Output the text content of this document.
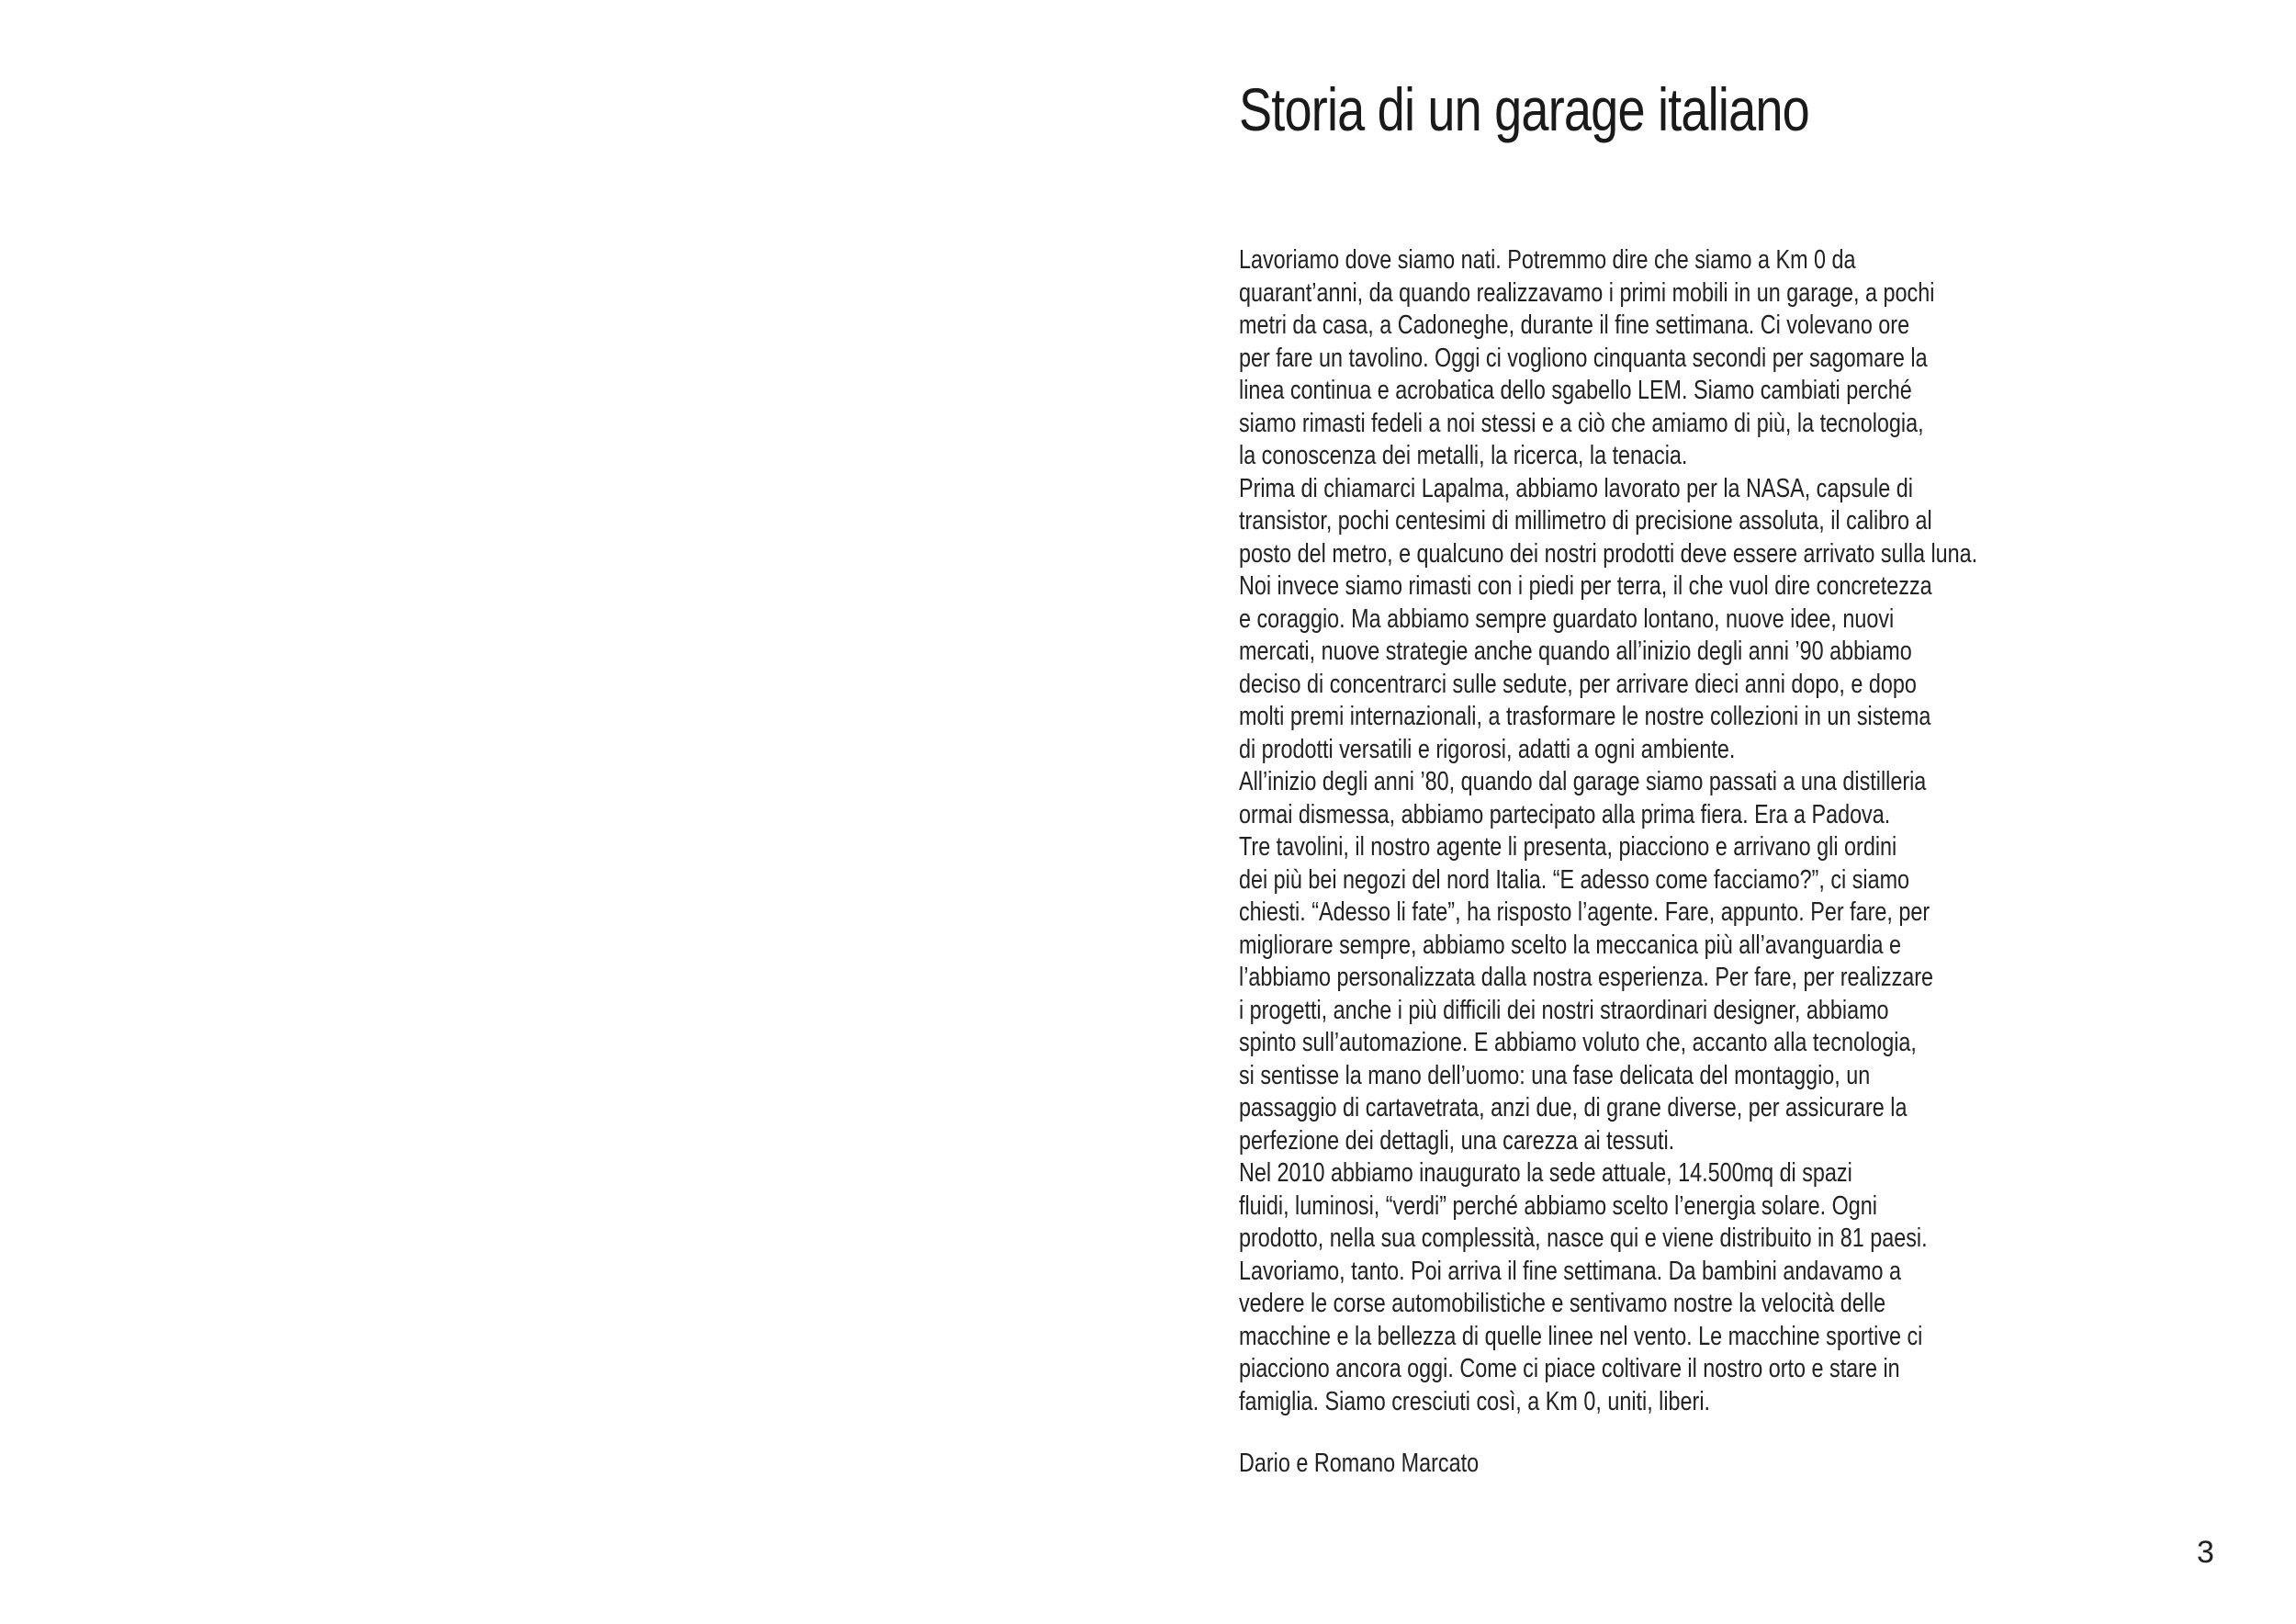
Storia di un garage italiano
Lavoriamo dove siamo nati. Potremmo dire che siamo a Km 0 da
quarant’anni, da quando realizzavamo i primi mobili in un garage, a pochi
metri da casa, a Cadoneghe, durante il fine settimana. Ci volevano ore
per fare un tavolino. Oggi ci vogliono cinquanta secondi per sagomare la
linea continua e acrobatica dello sgabello LEM. Siamo cambiati perché
siamo rimasti fedeli a noi stessi e a ciò che amiamo di più, la tecnologia,
la conoscenza dei metalli, la ricerca, la tenacia.
Prima di chiamarci Lapalma, abbiamo lavorato per la NASA, capsule di
transistor, pochi centesimi di millimetro di precisione assoluta, il calibro al
posto del metro, e qualcuno dei nostri prodotti deve essere arrivato sulla luna.
Noi invece siamo rimasti con i piedi per terra, il che vuol dire concretezza
e coraggio. Ma abbiamo sempre guardato lontano, nuove idee, nuovi
mercati, nuove strategie anche quando all’inizio degli anni ’90 abbiamo
deciso di concentrarci sulle sedute, per arrivare dieci anni dopo, e dopo
molti premi internazionali, a trasformare le nostre collezioni in un sistema
di prodotti versatili e rigorosi, adatti a ogni ambiente.
All’inizio degli anni ’80, quando dal garage siamo passati a una distilleria
ormai dismessa, abbiamo partecipato alla prima fiera. Era a Padova.
Tre tavolini, il nostro agente li presenta, piacciono e arrivano gli ordini
dei più bei negozi del nord Italia. “E adesso come facciamo?”, ci siamo
chiesti. “Adesso li fate”, ha risposto l’agente. Fare, appunto. Per fare, per
migliorare sempre, abbiamo scelto la meccanica più all’avanguardia e
l’abbiamo personalizzata dalla nostra esperienza. Per fare, per realizzare
i progetti, anche i più difficili dei nostri straordinari designer, abbiamo
spinto sull’automazione. E abbiamo voluto che, accanto alla tecnologia,
si sentisse la mano dell’uomo: una fase delicata del montaggio, un
passaggio di cartavetrata, anzi due, di grane diverse, per assicurare la
perfezione dei dettagli, una carezza ai tessuti.
Nel 2010 abbiamo inaugurato la sede attuale, 14.500mq di spazi
fluidi, luminosi, “verdi” perché abbiamo scelto l’energia solare. Ogni
prodotto, nella sua complessità, nasce qui e viene distribuito in 81 paesi.
Lavoriamo, tanto. Poi arriva il fine settimana. Da bambini andavamo a
vedere le corse automobilistiche e sentivamo nostre la velocità delle
macchine e la bellezza di quelle linee nel vento. Le macchine sportive ci
piacciono ancora oggi. Come ci piace coltivare il nostro orto e stare in
famiglia. Siamo cresciuti così, a Km 0, uniti, liberi.
Dario e Romano Marcato
3
